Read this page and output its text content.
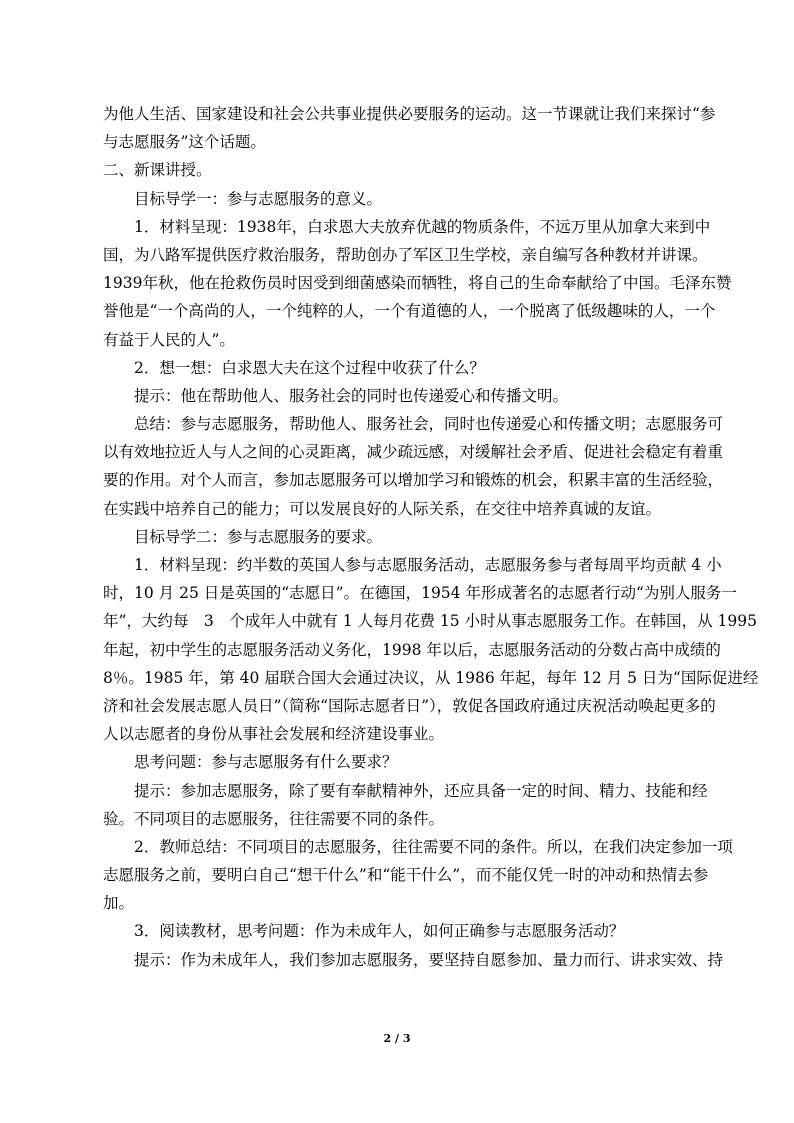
为他人生活、国家建设和社会公共事业提供必要服务的运动。这一节课就让我们来探讨“参
与志愿服务”这个话题。
二、新课讲授。
　　目标导学一：参与志愿服务的意义。
　　1．材料呈现：1938年，白求恩大夫放弃优越的物质条件，不远万里从加拿大来到中
国，为八路军提供医疗救治服务，帮助创办了军区卫生学校，亲自编写各种教材并讲课。
1939年秋，他在抢救伤员时因受到细菌感染而牺牲，将自己的生命奉献给了中国。毛泽东赞
誉他是“一个高尚的人，一个纯粹的人，一个有道德的人，一个脱离了低级趣味的人，一个
有益于人民的人”。
　　2．想一想：白求恩大夫在这个过程中收获了什么？
　　提示：他在帮助他人、服务社会的同时也传递爱心和传播文明。
　　总结：参与志愿服务，帮助他人、服务社会，同时也传递爱心和传播文明；志愿服务可
以有效地拉近人与人之间的心灵距离，减少疏远感，对缓解社会矛盾、促进社会稳定有着重
要的作用。对个人而言，参加志愿服务可以增加学习和锻炼的机会，积累丰富的生活经验，
在实践中培养自己的能力；可以发展良好的人际关系，在交往中培养真诚的友谊。
　　目标导学二：参与志愿服务的要求。
　　1．材料呈现：约半数的英国人参与志愿服务活动，志愿服务参与者每周平均贡献 4 小
时，10 月 25 日是英国的“志愿日”。在德国，1954 年形成著名的志愿者行动“为别人服务一
年”，大约每　3　个成年人中就有 1 人每月花费 15 小时从事志愿服务工作。在韩国，从 1995
年起，初中学生的志愿服务活动义务化，1998 年以后，志愿服务活动的分数占高中成绩的
8％。1985 年，第 40 届联合国大会通过决议，从 1986 年起，每年 12 月 5 日为“国际促进经
济和社会发展志愿人员日”（简称“国际志愿者日”），敦促各国政府通过庆祝活动唤起更多的
人以志愿者的身份从事社会发展和经济建设事业。
　　思考问题：参与志愿服务有什么要求？
　　提示：参加志愿服务，除了要有奉献精神外，还应具备一定的时间、精力、技能和经
验。不同项目的志愿服务，往往需要不同的条件。
　　2．教师总结：不同项目的志愿服务，往往需要不同的条件。所以，在我们决定参加一项
志愿服务之前，要明白自己“想干什么”和“能干什么”，而不能仅凭一时的冲动和热情去参
加。
　　3．阅读教材，思考问题：作为未成年人，如何正确参与志愿服务活动？
　　提示：作为未成年人，我们参加志愿服务，要坚持自愿参加、量力而行、讲求实效、持
2 / 3
